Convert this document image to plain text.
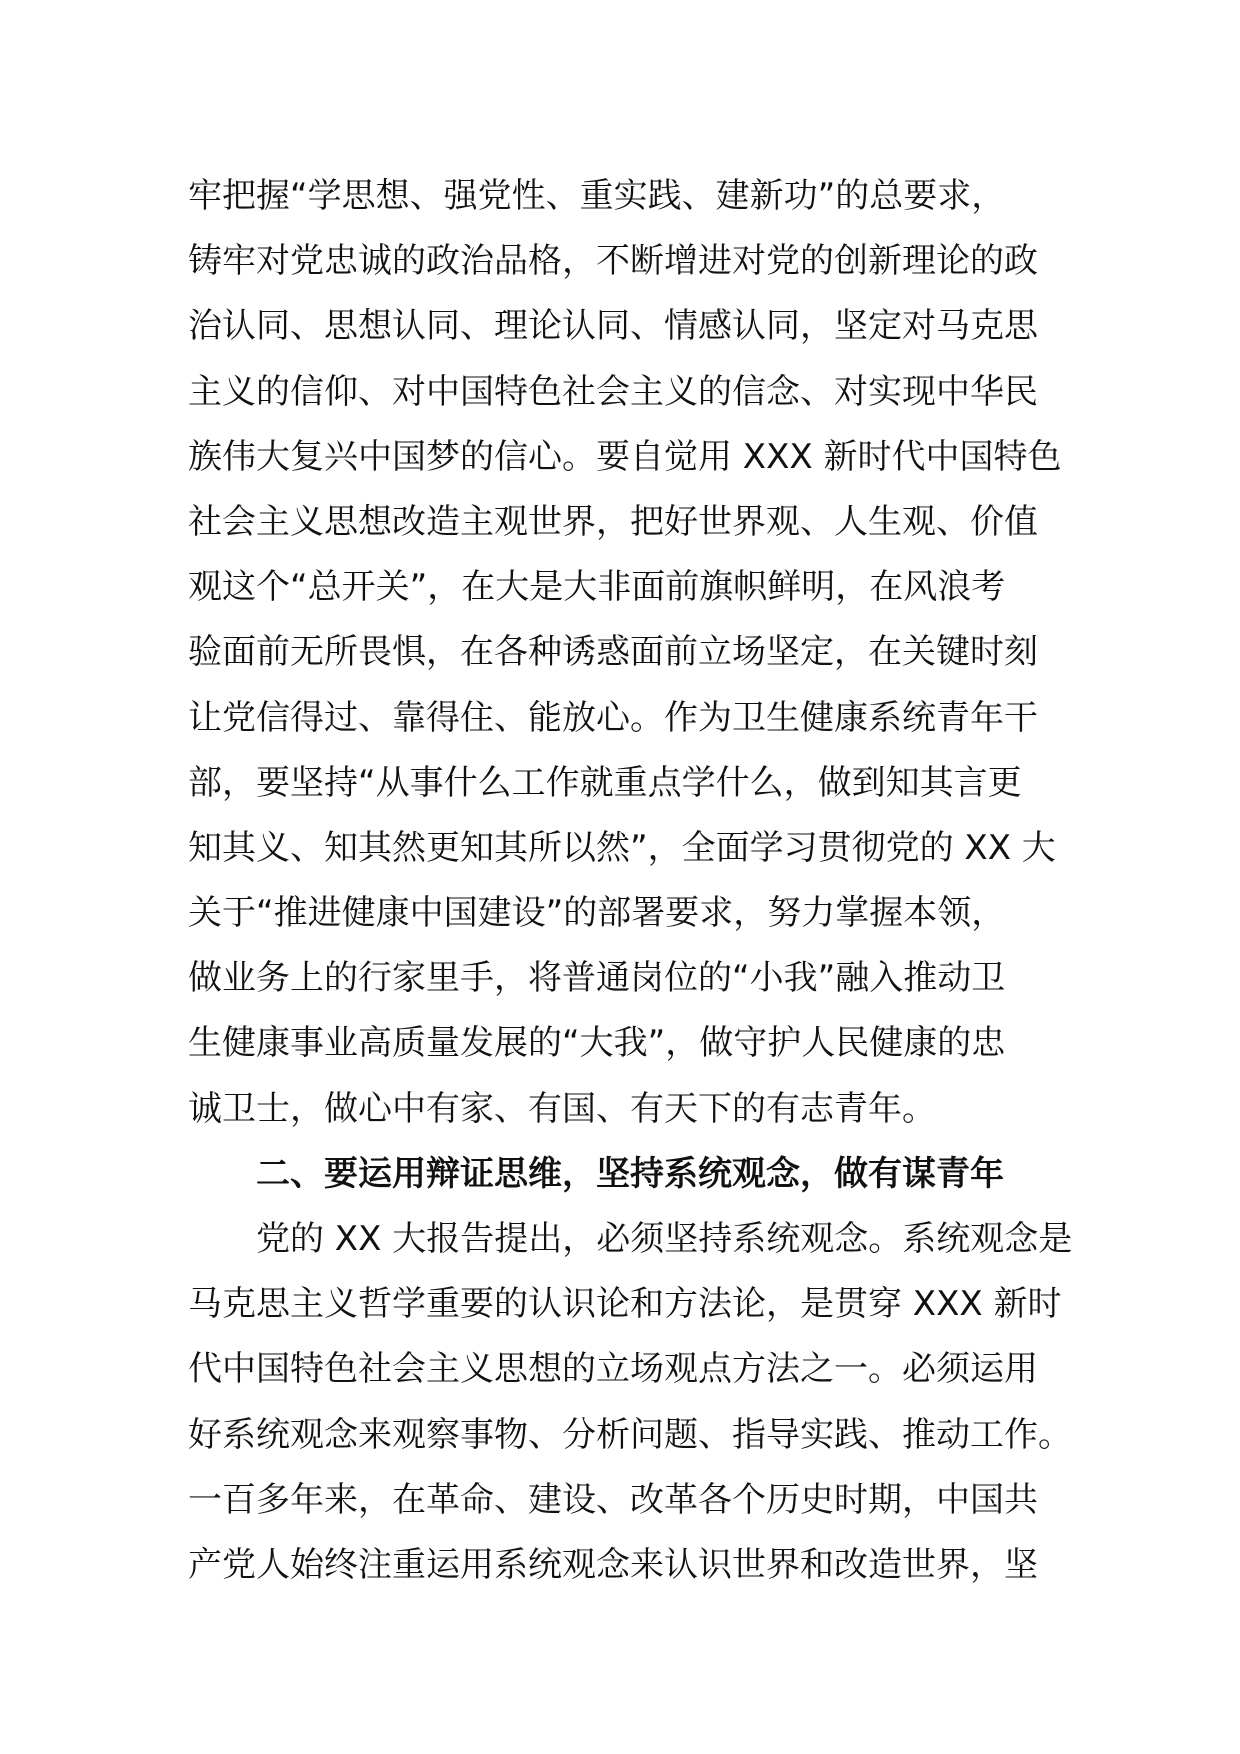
牢把握“学思想、强党性、重实践、建新功”的总要求，
铸牢对党忠诚的政治品格，不断增进对党的创新理论的政
治认同、思想认同、理论认同、情感认同，坚定对马克思
主义的信仰、对中国特色社会主义的信念、对实现中华民
族伟大复兴中国梦的信心。要自觉用 XXX 新时代中国特色
社会主义思想改造主观世界，把好世界观、人生观、价值
观这个“总开关”，在大是大非面前旗帜鲜明，在风浪考
验面前无所畏惧，在各种诱惑面前立场坚定，在关键时刻
让党信得过、靠得住、能放心。作为卫生健康系统青年干
部，要坚持“从事什么工作就重点学什么，做到知其言更
知其义、知其然更知其所以然”，全面学习贯彻党的 XX 大
关于“推进健康中国建设”的部署要求，努力掌握本领，
做业务上的行家里手，将普通岗位的“小我”融入推动卫
生健康事业高质量发展的“大我”，做守护人民健康的忠
诚卫士，做心中有家、有国、有天下的有志青年。
二、要运用辩证思维，坚持系统观念，做有谋青年
党的 XX 大报告提出，必须坚持系统观念。系统观念是
马克思主义哲学重要的认识论和方法论，是贯穿 XXX 新时
代中国特色社会主义思想的立场观点方法之一。必须运用
好系统观念来观察事物、分析问题、指导实践、推动工作。
一百多年来，在革命、建设、改革各个历史时期，中国共
产党人始终注重运用系统观念来认识世界和改造世界，坚
